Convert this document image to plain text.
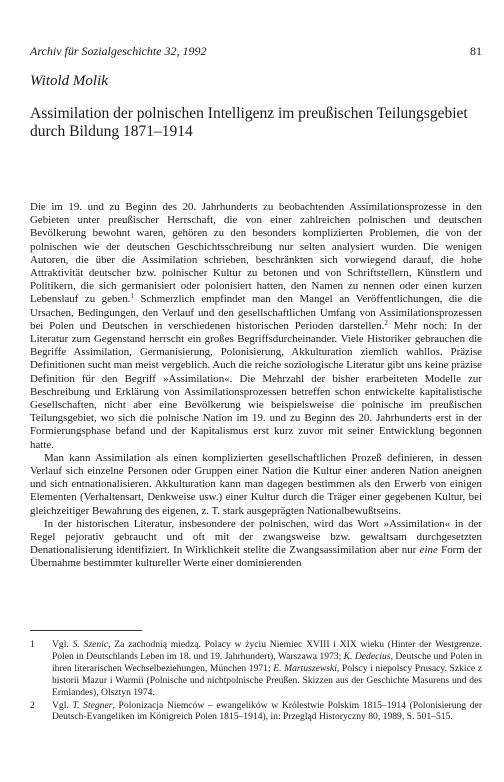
Archiv für Sozialgeschichte 32, 1992	81
Witold Molik
Assimilation der polnischen Intelligenz im preußischen Teilungsgebiet durch Bildung 1871–1914

Die im 19. und zu Beginn des 20. Jahrhunderts zu beobachtenden Assimilationsprozesse in den Gebieten unter preußischer Herrschaft, die von einer zahlreichen polnischen und deutschen Bevölkerung bewohnt waren, gehören zu den besonders komplizierten Problemen, die von der polnischen wie der deutschen Geschichtsschreibung nur selten analysiert wurden. Die wenigen Autoren, die über die Assimilation schrieben, beschränkten sich vorwiegend darauf, die hohe Attraktivität deutscher bzw. polnischer Kultur zu betonen und von Schriftstellern, Künstlern und Politikern, die sich germanisiert oder polonisiert hatten, den Namen zu nennen oder einen kurzen Lebenslauf zu geben.$^1$ Schmerzlich empfindet man den Mangel an Veröffentlichungen, die die Ursachen, Bedingungen, den Verlauf und den gesellschaftlichen Umfang von Assimilationsprozessen bei Polen und Deutschen in verschiedenen historischen Perioden darstellen.$^2$ Mehr noch: In der Literatur zum Gegenstand herrscht ein großes Begriffsdurcheinander. Viele Historiker gebrauchen die Begriffe Assimilation, Germanisierung, Polonisierung, Akkulturation ziemlich wahllos. Präzise Definitionen sucht man meist vergeblich. Auch die reiche soziologische Literatur gibt uns keine präzise Definition für den Begriff »Assimilation«. Die Mehrzahl der bisher erarbeiteten Modelle zur Beschreibung und Erklärung von Assimilationsprozessen betreffen schon entwickelte kapitalistische Gesellschaften, nicht aber eine Bevölkerung wie beispielsweise die polnische im preußischen Teilungsgebiet, wo sich die polnische Nation im 19. und zu Beginn des 20. Jahrhunderts erst in der Formierungsphase befand und der Kapitalismus erst kurz zuvor mit seiner Entwicklung begonnen hatte.

Man kann Assimilation als einen komplizierten gesellschaftlichen Prozeß definieren, in dessen Verlauf sich einzelne Personen oder Gruppen einer Nation die Kultur einer anderen Nation aneignen und sich entnationalisieren. Akkulturation kann man dagegen bestimmen als den Erwerb von einigen Elementen (Verhaltensart, Denkweise usw.) einer Kultur durch die Träger einer gegebenen Kultur, bei gleichzeitiger Bewahrung des eigenen, z. T. stark ausgeprägten Nationalbewußtseins.

In der historischen Literatur, insbesondere der polnischen, wird das Wort »Assimilation« in der Regel pejorativ gebraucht und oft mit der zwangsweise bzw. gewaltsam durchgesetzten Denationalisierung identifiziert. In Wirklichkeit stellte die Zwangsassimilation aber nur eine Form der Übernahme bestimmter kultureller Werte einer dominierenden

1 Vgl. S. Szenic, Za zachodnią miedzą. Polacy w życiu Niemiec XVIII i XIX wieku (Hinter der Westgrenze. Polen in Deutschlands Leben im 18. und 19. Jahrhundert), Warszawa 1973; K. Dedecius, Deutsche und Polen in ihren literarischen Wechselbeziehungen, München 1971; E. Martuszewski, Polscy i niepolscy Prusacy. Szkice z historii Mazur i Warmii (Polnische und nichtpolnische Preußen. Skizzen aus der Geschichte Masurens und des Ermlandes), Olsztyn 1974.
2 Vgl. T. Stegner, Polonizacja Niemców – ewangelików w Królestwie Polskim 1815–1914 (Polonisierung der Deutsch-Evangeliken im Königreich Polen 1815–1914), in: Przegląd Historyczny 80, 1989, S. 501–515.
